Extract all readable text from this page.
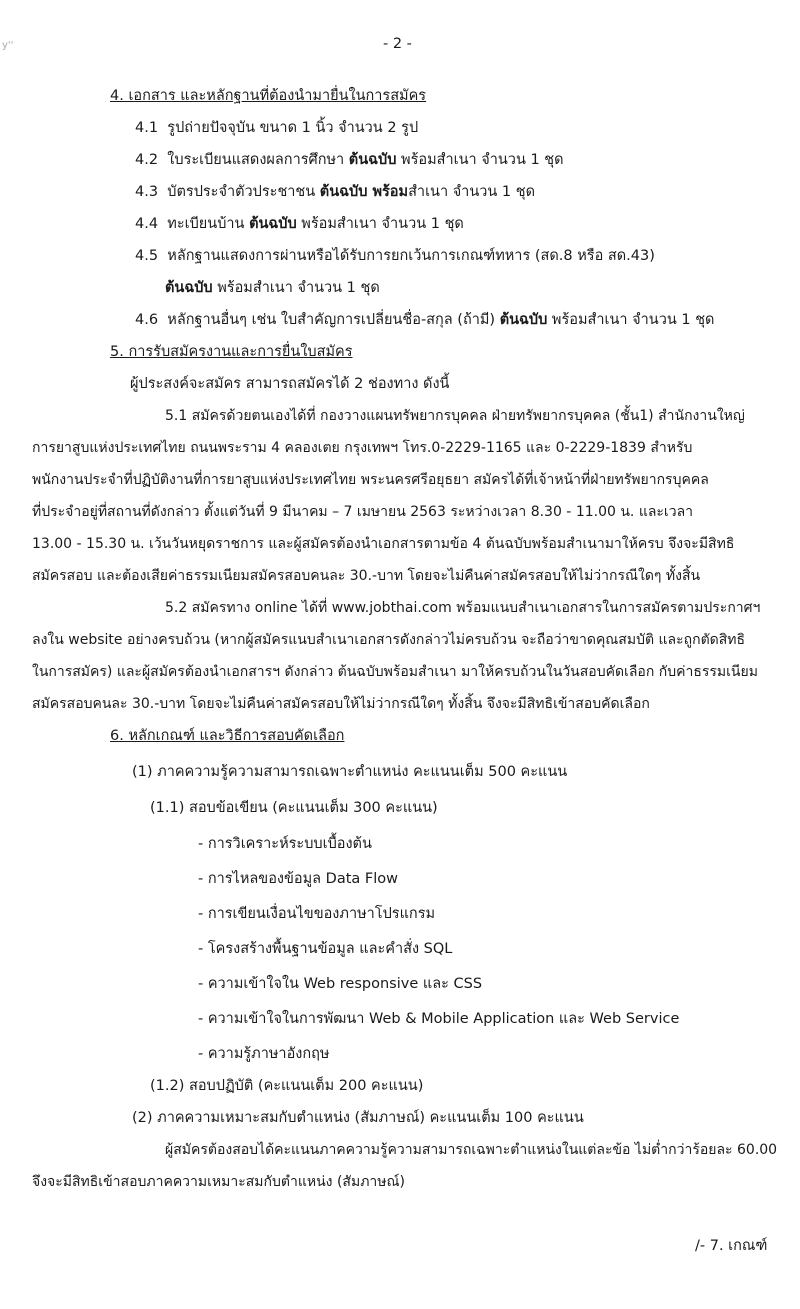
y''	- 2 -
4. เอกสาร และหลักฐานที่ต้องนำมายื่นในการสมัคร
4.1 รูปถ่ายปัจจุบัน ขนาด 1 นิ้ว จำนวน 2 รูป
4.2 ใบระเบียนแสดงผลการศึกษา ต้นฉบับ พร้อมสำเนา จำนวน 1 ชุด
4.3 บัตรประจำตัวประชาชน ต้นฉบับ พร้อมสำเนา จำนวน 1 ชุด
4.4 ทะเบียนบ้าน ต้นฉบับ พร้อมสำเนา จำนวน 1 ชุด
4.5 หลักฐานแสดงการผ่านหรือได้รับการยกเว้นการเกณฑ์ทหาร (สด.8 หรือ สด.43)
ต้นฉบับ พร้อมสำเนา จำนวน 1 ชุด
4.6 หลักฐานอื่นๆ เช่น ใบสำคัญการเปลี่ยนชื่อ-สกุล (ถ้ามี) ต้นฉบับ พร้อมสำเนา จำนวน 1 ชุด
5. การรับสมัครงานและการยื่นใบสมัคร
ผู้ประสงค์จะสมัคร สามารถสมัครได้ 2 ช่องทาง ดังนี้
5.1 สมัครด้วยตนเองได้ที่ กองวางแผนทรัพยากรบุคคล ฝ่ายทรัพยากรบุคคล (ชั้น1) สำนักงานใหญ่
การยาสูบแห่งประเทศไทย ถนนพระราม 4 คลองเตย กรุงเทพฯ โทร.0-2229-1165 และ 0-2229-1839 สำหรับ
พนักงานประจำที่ปฏิบัติงานที่การยาสูบแห่งประเทศไทย พระนครศรีอยุธยา สมัครได้ที่เจ้าหน้าที่ฝ่ายทรัพยากรบุคคล
ที่ประจำอยู่ที่สถานที่ดังกล่าว ตั้งแต่วันที่ 9 มีนาคม – 7 เมษายน 2563 ระหว่างเวลา 8.30 - 11.00 น. และเวลา
13.00 - 15.30 น. เว้นวันหยุดราชการ และผู้สมัครต้องนำเอกสารตามข้อ 4 ต้นฉบับพร้อมสำเนามาให้ครบ จึงจะมีสิทธิ
สมัครสอบ และต้องเสียค่าธรรมเนียมสมัครสอบคนละ 30.-บาท โดยจะไม่คืนค่าสมัครสอบให้ไม่ว่ากรณีใดๆ ทั้งสิ้น
5.2 สมัครทาง online ได้ที่ www.jobthai.com พร้อมแนบสำเนาเอกสารในการสมัครตามประกาศฯ
ลงใน website อย่างครบถ้วน (หากผู้สมัครแนบสำเนาเอกสารดังกล่าวไม่ครบถ้วน จะถือว่าขาดคุณสมบัติ และถูกตัดสิทธิ
ในการสมัคร) และผู้สมัครต้องนำเอกสารฯ ดังกล่าว ต้นฉบับพร้อมสำเนา มาให้ครบถ้วนในวันสอบคัดเลือก กับค่าธรรมเนียม
สมัครสอบคนละ 30.-บาท โดยจะไม่คืนค่าสมัครสอบให้ไม่ว่ากรณีใดๆ ทั้งสิ้น จึงจะมีสิทธิเข้าสอบคัดเลือก
6. หลักเกณฑ์ และวิธีการสอบคัดเลือก
(1) ภาคความรู้ความสามารถเฉพาะตำแหน่ง คะแนนเต็ม 500 คะแนน
(1.1) สอบข้อเขียน (คะแนนเต็ม 300 คะแนน)
- การวิเคราะห์ระบบเบื้องต้น
- การไหลของข้อมูล Data Flow
- การเขียนเงื่อนไขของภาษาโปรแกรม
- โครงสร้างพื้นฐานข้อมูล และคำสั่ง SQL
- ความเข้าใจใน Web responsive และ CSS
- ความเข้าใจในการพัฒนา Web & Mobile Application และ Web Service
- ความรู้ภาษาอังกฤษ
(1.2) สอบปฏิบัติ (คะแนนเต็ม 200 คะแนน)
(2) ภาคความเหมาะสมกับตำแหน่ง (สัมภาษณ์) คะแนนเต็ม 100 คะแนน
ผู้สมัครต้องสอบได้คะแนนภาคความรู้ความสามารถเฉพาะตำแหน่งในแต่ละข้อ ไม่ต่ำกว่าร้อยละ 60.00
จึงจะมีสิทธิเข้าสอบภาคความเหมาะสมกับตำแหน่ง (สัมภาษณ์)
/- 7. เกณฑ์
